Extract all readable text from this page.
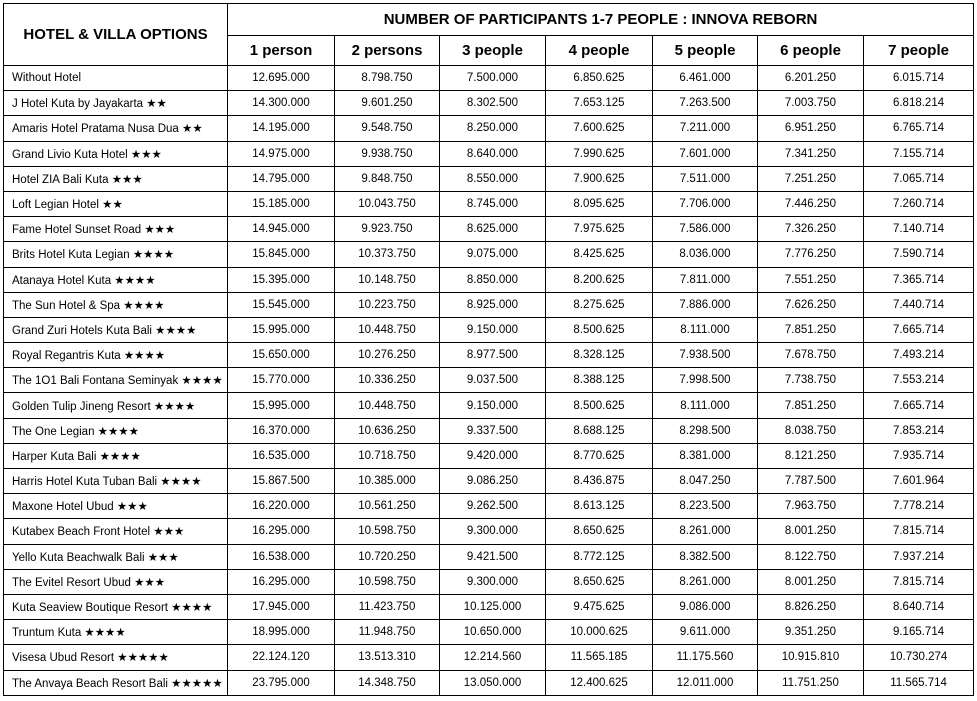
HOTEL & VILLA OPTIONS	NUMBER OF PARTICIPANTS 1-7 PEOPLE : INNOVA REBORN						
	1 person	2 persons	3 people	4 people	5 people	6 people	7 people
Without Hotel	12.695.000	8.798.750	7.500.000	6.850.625	6.461.000	6.201.250	6.015.714
J Hotel Kuta by Jayakarta ★★	14.300.000	9.601.250	8.302.500	7.653.125	7.263.500	7.003.750	6.818.214
Amaris Hotel Pratama Nusa Dua ★★	14.195.000	9.548.750	8.250.000	7.600.625	7.211.000	6.951.250	6.765.714
Grand Livio Kuta Hotel ★★★	14.975.000	9.938.750	8.640.000	7.990.625	7.601.000	7.341.250	7.155.714
Hotel ZIA Bali Kuta ★★★	14.795.000	9.848.750	8.550.000	7.900.625	7.511.000	7.251.250	7.065.714
Loft Legian Hotel ★★	15.185.000	10.043.750	8.745.000	8.095.625	7.706.000	7.446.250	7.260.714
Fame Hotel Sunset Road ★★★	14.945.000	9.923.750	8.625.000	7.975.625	7.586.000	7.326.250	7.140.714
Brits Hotel Kuta Legian ★★★★	15.845.000	10.373.750	9.075.000	8.425.625	8.036.000	7.776.250	7.590.714
Atanaya Hotel Kuta ★★★★	15.395.000	10.148.750	8.850.000	8.200.625	7.811.000	7.551.250	7.365.714
The Sun Hotel & Spa ★★★★	15.545.000	10.223.750	8.925.000	8.275.625	7.886.000	7.626.250	7.440.714
Grand Zuri Hotels Kuta Bali ★★★★	15.995.000	10.448.750	9.150.000	8.500.625	8.111.000	7.851.250	7.665.714
Royal Regantris Kuta ★★★★	15.650.000	10.276.250	8.977.500	8.328.125	7.938.500	7.678.750	7.493.214
The 1O1 Bali Fontana Seminyak ★★★★	15.770.000	10.336.250	9.037.500	8.388.125	7.998.500	7.738.750	7.553.214
Golden Tulip Jineng Resort ★★★★	15.995.000	10.448.750	9.150.000	8.500.625	8.111.000	7.851.250	7.665.714
The One Legian ★★★★	16.370.000	10.636.250	9.337.500	8.688.125	8.298.500	8.038.750	7.853.214
Harper Kuta Bali ★★★★	16.535.000	10.718.750	9.420.000	8.770.625	8.381.000	8.121.250	7.935.714
Harris Hotel Kuta Tuban Bali ★★★★	15.867.500	10.385.000	9.086.250	8.436.875	8.047.250	7.787.500	7.601.964
Maxone Hotel Ubud ★★★	16.220.000	10.561.250	9.262.500	8.613.125	8.223.500	7.963.750	7.778.214
Kutabex Beach Front Hotel ★★★	16.295.000	10.598.750	9.300.000	8.650.625	8.261.000	8.001.250	7.815.714
Yello Kuta Beachwalk Bali ★★★	16.538.000	10.720.250	9.421.500	8.772.125	8.382.500	8.122.750	7.937.214
The Evitel Resort Ubud ★★★	16.295.000	10.598.750	9.300.000	8.650.625	8.261.000	8.001.250	7.815.714
Kuta Seaview Boutique Resort ★★★★	17.945.000	11.423.750	10.125.000	9.475.625	9.086.000	8.826.250	8.640.714
Truntum Kuta ★★★★	18.995.000	11.948.750	10.650.000	10.000.625	9.611.000	9.351.250	9.165.714
Visesa Ubud Resort ★★★★★	22.124.120	13.513.310	12.214.560	11.565.185	11.175.560	10.915.810	10.730.274
The Anvaya Beach Resort Bali ★★★★★	23.795.000	14.348.750	13.050.000	12.400.625	12.011.000	11.751.250	11.565.714
